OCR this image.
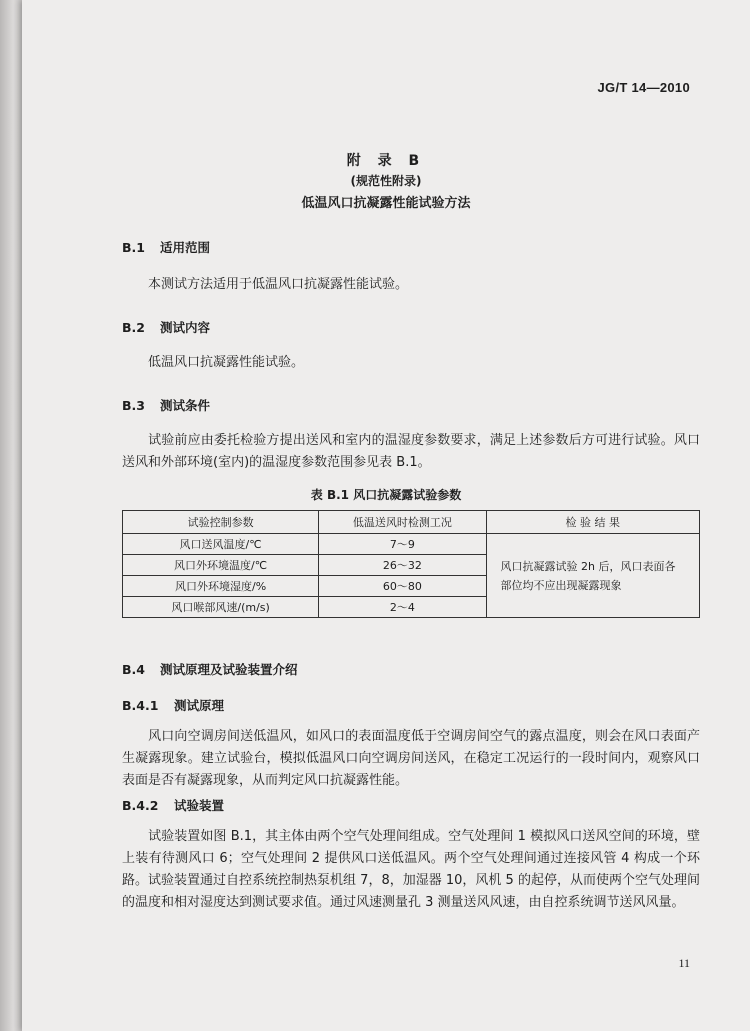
JG/T 14—2010
附 录 B
(规范性附录)
低温风口抗凝露性能试验方法
B.1 适用范围
本测试方法适用于低温风口抗凝露性能试验。
B.2 测试内容
低温风口抗凝露性能试验。
B.3 测试条件
试验前应由委托检验方提出送风和室内的温湿度参数要求，满足上述参数后方可进行试验。风口送风和外部环境(室内)的温湿度参数范围参见表 B.1。
表 B.1 风口抗凝露试验参数
试验控制参数	低温送风时检测工况	检 验 结 果
风口送风温度/℃	7～9	风口抗凝露试验 2h 后，风口表面各部位均不应出现凝露现象
风口外环境温度/℃	26～32	
风口外环境湿度/%	60～80	
风口喉部风速/(m/s)	2～4	
B.4 测试原理及试验装置介绍
B.4.1 测试原理
风口向空调房间送低温风，如风口的表面温度低于空调房间空气的露点温度，则会在风口表面产生凝露现象。建立试验台，模拟低温风口向空调房间送风，在稳定工况运行的一段时间内，观察风口表面是否有凝露现象，从而判定风口抗凝露性能。
B.4.2 试验装置
试验装置如图 B.1，其主体由两个空气处理间组成。空气处理间 1 模拟风口送风空间的环境，壁上装有待测风口 6；空气处理间 2 提供风口送低温风。两个空气处理间通过连接风管 4 构成一个环路。试验装置通过自控系统控制热泵机组 7，8，加湿器 10，风机 5 的起停，从而使两个空气处理间的温度和相对湿度达到测试要求值。通过风速测量孔 3 测量送风风速，由自控系统调节送风风量。
11
